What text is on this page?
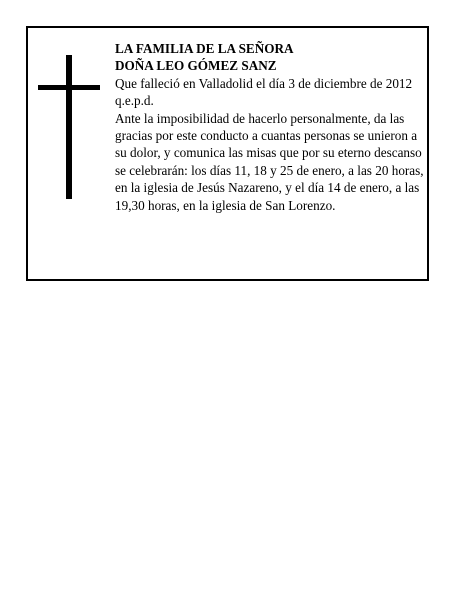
LA FAMILIA DE LA SEÑORA

DOÑA LEO GÓMEZ SANZ

Que falleció en Valladolid el día 3 de diciembre de 2012

q.e.p.d.

Ante la imposibilidad de hacerlo personalmente, da las gracias por este conducto a cuantas personas se unieron a su dolor, y comunica las misas que por su eterno descanso se celebrarán: los días 11, 18 y 25 de enero, a las 20 horas, en la iglesia de Jesús Nazareno, y el día 14 de enero, a las 19,30 horas, en la iglesia de San Lorenzo.
